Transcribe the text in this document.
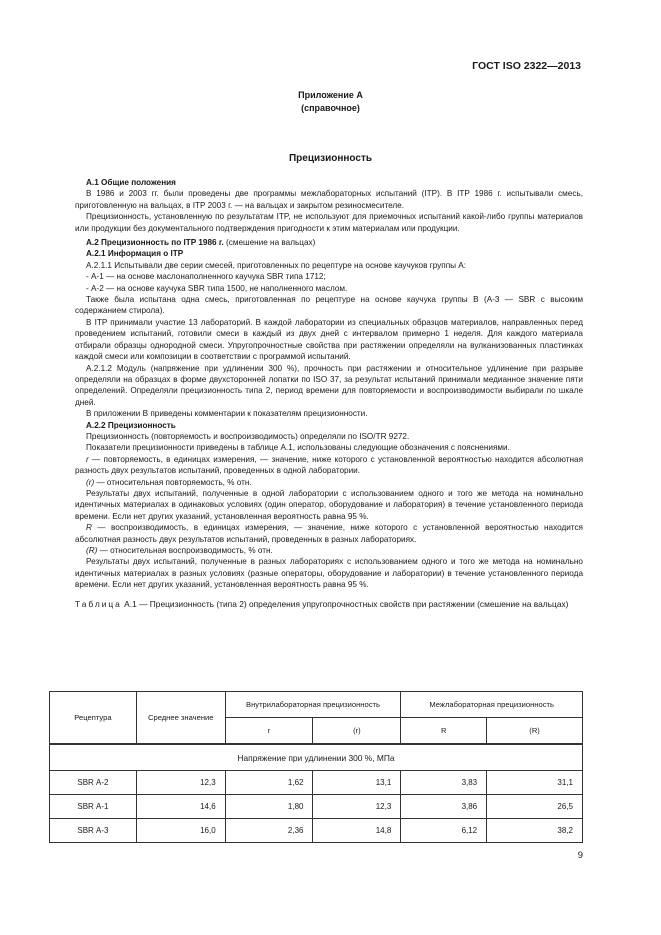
ГОСТ ISO 2322—2013
Приложение А
(справочное)
Прецизионность

А.1 Общие положения

В 1986 и 2003 гг. были проведены две программы межлабораторных испытаний (ITP). В ITP 1986 г. испытывали смесь, приготовленную на вальцах, в ITP 2003 г. — на вальцах и закрытом резиносмесителе.

Прецизионность, установленную по результатам ITP, не используют для приемочных испытаний какой-либо группы материалов или продукции без документального подтверждения пригодности к этим материалам или продукции.

А.2 Прецизионность по ITP 1986 г. (смешение на вальцах)

А.2.1 Информация о ITP

А.2.1.1 Испытывали две серии смесей, приготовленных по рецептуре на основе каучуков группы А:

- А-1 — на основе маслонаполненного каучука SBR типа 1712;

- А-2 — на основе каучука SBR типа 1500, не наполненного маслом.

Также была испытана одна смесь, приготовленная по рецептуре на основе каучука группы В (А-3 — SBR с высоким содержанием стирола).

В ITP принимали участие 13 лабораторий. В каждой лаборатории из специальных образцов материалов, направленных перед проведением испытаний, готовили смеси в каждый из двух дней с интервалом примерно 1 неделя. Для каждого материала отбирали образцы однородной смеси. Упругопрочностные свойства при растяжении определяли на вулканизованных пластинках каждой смеси или композиции в соответствии с программой испытаний.

А.2.1.2 Модуль (напряжение при удлинении 300 %), прочность при растяжении и относительное удлинение при разрыве определяли на образцах в форме двухсторонней лопатки по ISO 37, за результат испытаний принимали медианное значение пяти определений. Определяли прецизионность типа 2, период времени для повторяемости и воспроизводимости выбирали по шкале дней.

В приложении В приведены комментарии к показателям прецизионности.

А.2.2 Прецизионность

Прецизионность (повторяемость и воспроизводимость) определяли по ISO/TR 9272.

Показатели прецизионности приведены в таблице А.1, использованы следующие обозначения с пояснениями.

r — повторяемость, в единицах измерения, — значение, ниже которого с установленной вероятностью находится абсолютная разность двух результатов испытаний, проведенных в одной лаборатории.

(r) — относительная повторяемость, % отн.

Результаты двух испытаний, полученные в одной лаборатории с использованием одного и того же метода на номинально идентичных материалах в одинаковых условиях (один оператор, оборудование и лаборатория) в течение установленного периода времени. Если нет других указаний, установленная вероятность равна 95 %.

R — воспроизводимость, в единицах измерения, — значение, ниже которого с установленной вероятностью находится абсолютная разность двух результатов испытаний, проведенных в разных лабораториях.

(R) — относительная воспроизводимость, % отн.

Результаты двух испытаний, полученные в разных лабораториях с использованием одного и того же метода на номинально идентичных материалах в разных условиях (разные операторы, оборудование и лаборатории) в течение установленного периода времени. Если нет других указаний, установленная вероятность равна 95 %.

Таблица А.1 — Прецизионность (типа 2) определения упругопрочностных свойств при растяжении (смешение на вальцах)

Рецептура	Среднее значение	Внутрилабораторная прецизионность		Межлабораторная прецизионность	
		r	(r)	R	(R)
Напряжение при удлинении 300 %, МПа					
SBR А-2	12,3	1,62	13,1	3,83	31,1
SBR А-1	14,6	1,80	12,3	3,86	26,5
SBR А-3	16,0	2,36	14,8	6,12	38,2
9
